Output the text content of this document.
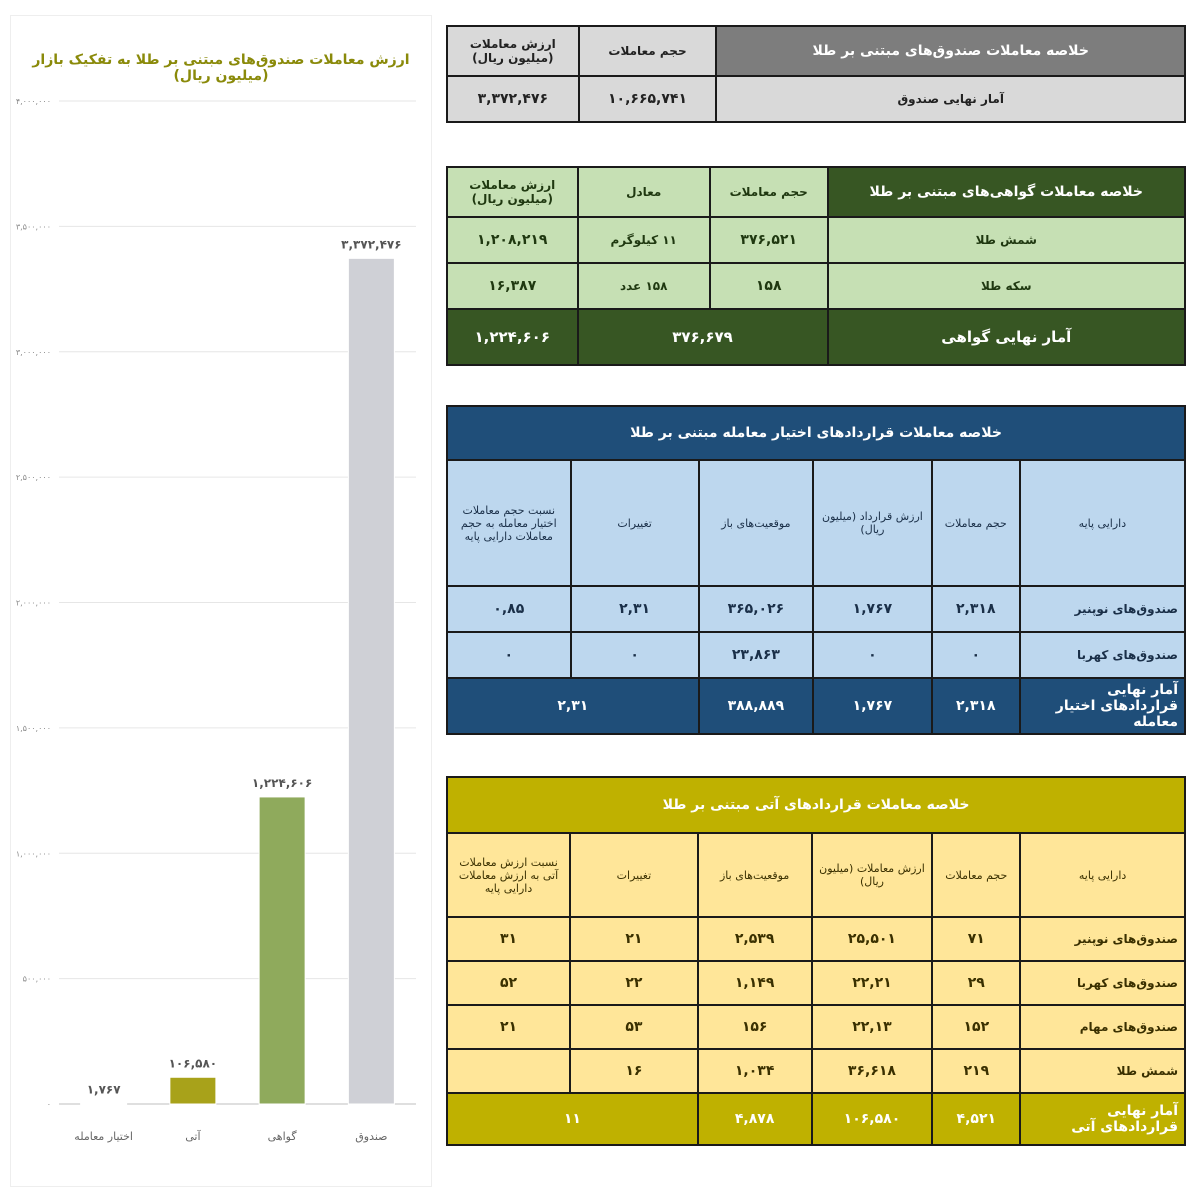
ارزش معاملات صندوق‌های مبتنی بر طلا به تفکیک بازار (میلیون ریال)
۰
۵۰۰,۰۰۰
۱,۰۰۰,۰۰۰
۱,۵۰۰,۰۰۰
۲,۰۰۰,۰۰۰
۲,۵۰۰,۰۰۰
۳,۰۰۰,۰۰۰
۳,۵۰۰,۰۰۰
۴,۰۰۰,۰۰۰
۳,۳۷۲,۴۷۶
صندوق
۱,۲۲۴,۶۰۶
گواهی
۱۰۶,۵۸۰
آتی
۱,۷۶۷
اختیار معامله
خلاصه معاملات صندوق‌های مبتنی بر طلا	حجم معاملات	ارزش معاملات (میلیون ریال)
آمار نهایی صندوق	۱۰,۶۶۵,۷۴۱	۳,۳۷۲,۴۷۶
خلاصه معاملات گواهی‌های مبتنی بر طلا	حجم معاملات	معادل	ارزش معاملات (میلیون ریال)
شمش طلا	۳۷۶,۵۲۱	۱۱ کیلوگرم	۱,۲۰۸,۲۱۹
سکه طلا	۱۵۸	۱۵۸ عدد	۱۶,۳۸۷
آمار نهایی گواهی	۳۷۶,۶۷۹		۱,۲۲۴,۶۰۶
خلاصه معاملات قراردادهای اختیار معامله مبتنی بر طلا					
دارایی پایه	حجم معاملات	ارزش قرارداد (میلیون ریال)	موقعیت‌های باز	تغییرات	نسبت حجم معاملات اختیار معامله به حجم معاملات دارایی پایه
صندوق‌های نوپنیر	۲,۳۱۸	۱,۷۶۷	۳۶۵,۰۲۶	۲,۳۱	۰,۸۵
صندوق‌های کهربا	۰	۰	۲۳,۸۶۳	۰	۰
آمار نهایی قراردادهای اختیار معامله	۲,۳۱۸	۱,۷۶۷	۳۸۸,۸۸۹	۲,۳۱	
خلاصه معاملات قراردادهای آتی مبتنی بر طلا					
دارایی پایه	حجم معاملات	ارزش معاملات (میلیون ریال)	موقعیت‌های باز	تغییرات	نسبت ارزش معاملات آتی به ارزش معاملات دارایی پایه
صندوق‌های نوپنیر	۷۱	۲۵,۵۰۱	۲,۵۳۹	۲۱	۳۱
صندوق‌های کهربا	۲۹	۲۲,۲۱	۱,۱۴۹	۲۲	۵۲
صندوق‌های مهام	۱۵۲	۲۲,۱۳	۱۵۶	۵۳	۲۱
شمش طلا	۲۱۹	۳۶,۶۱۸	۱,۰۳۴	۱۶	
آمار نهایی قراردادهای آتی	۴,۵۲۱	۱۰۶,۵۸۰	۴,۸۷۸	۱۱	
